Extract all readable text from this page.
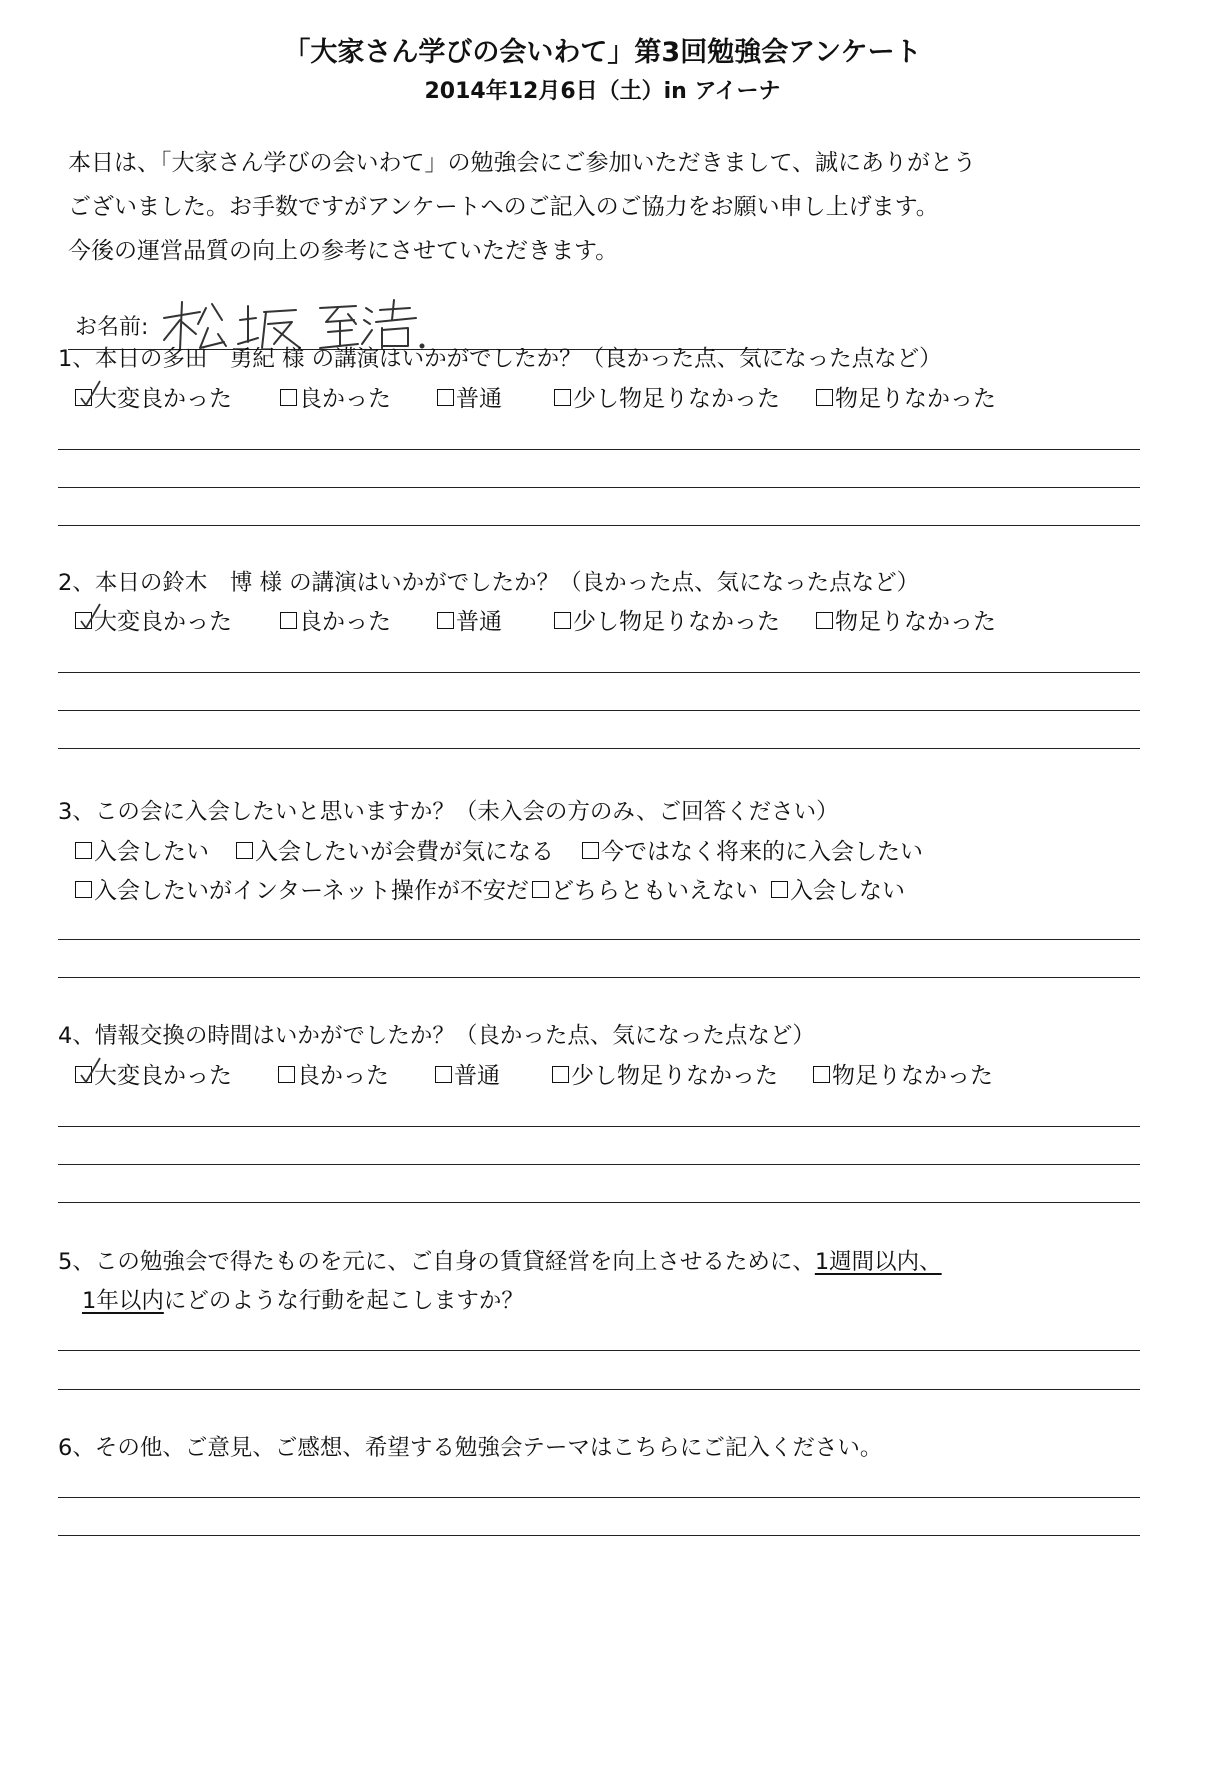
「大家さん学びの会いわて」第3回勉強会アンケート
2014年12月6日（土）in アイーナ
本日は、「大家さん学びの会いわて」の勉強会にご参加いただきまして、誠にありがとう
ございました。お手数ですがアンケートへのご記入のご協力をお願い申し上げます。
今後の運営品質の向上の参考にさせていただきます。
お名前:
1、本日の多田　勇紀 様 の講演はいかがでしたか？（良かった点、気になった点など）
大変良かった	良かった	普通	少し物足りなかった 物足りなかった
2、本日の鈴木　博 様 の講演はいかがでしたか？（良かった点、気になった点など）
大変良かった	良かった	普通	少し物足りなかった 物足りなかった
3、この会に入会したいと思いますか？（未入会の方のみ、ご回答ください）
入会したい 入会したいが会費が気になる 今ではなく将来的に入会したい
入会したいがインターネット操作が不安だ どちらともいえない 入会しない
4、情報交換の時間はいかがでしたか？（良かった点、気になった点など）
大変良かった	良かった	普通	少し物足りなかった 物足りなかった
5、この勉強会で得たものを元に、ご自身の賃貸経営を向上させるために、1週間以内、
1年以内にどのような行動を起こしますか？
6、その他、ご意見、ご感想、希望する勉強会テーマはこちらにご記入ください。
